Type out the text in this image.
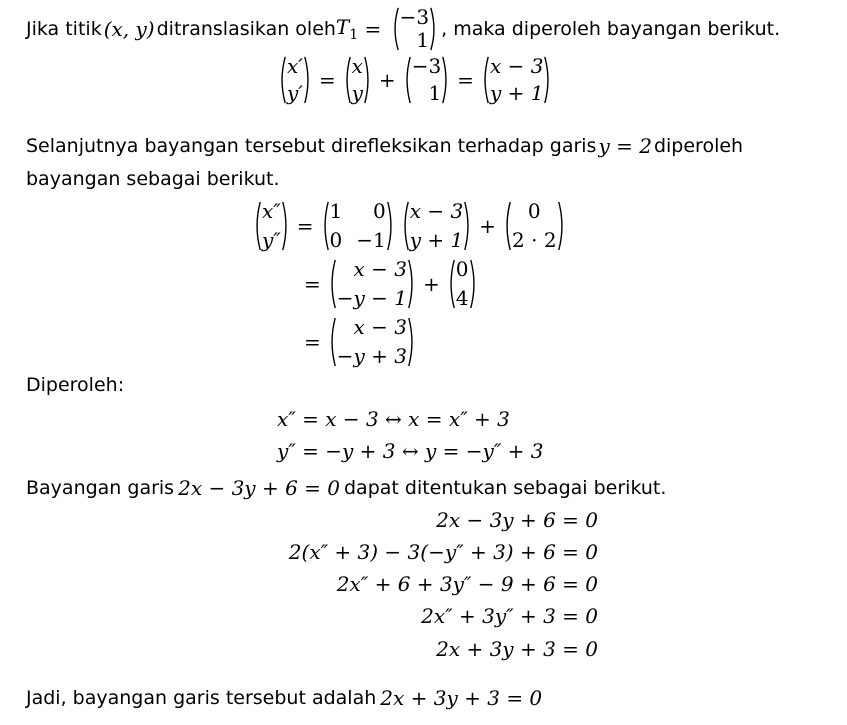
Jika titik (x, y) ditranslasikan oleh $T_1 = -3$
1 , maka diperoleh bayangan berikut.
x′
y′
=
x
y
+
−3
1
=
x − 3
y + 1
Selanjutnya bayangan tersebut direfleksikan terhadap garis y = 2 diperoleh
bayangan sebagai berikut.
x″
y″
=
1
0
0
−1
x − 3
y + 1
+
0
2 · 2
=
x − 3
−y − 1
+
0
4
=
x − 3
−y + 3
Diperoleh:
x″ = x − 3 ↔ x = x″ + 3
y″ = −y + 3 ↔ y = −y″ + 3
Bayangan garis 2x − 3y + 6 = 0 dapat ditentukan sebagai berikut.
2x − 3y + 6 = 0
2(x″ + 3) − 3(−y″ + 3) + 6 = 0
2x″ + 6 + 3y″ − 9 + 6 = 0
2x″ + 3y″ + 3 = 0
2x + 3y + 3 = 0
Jadi, bayangan garis tersebut adalah 2x + 3y + 3 = 0
